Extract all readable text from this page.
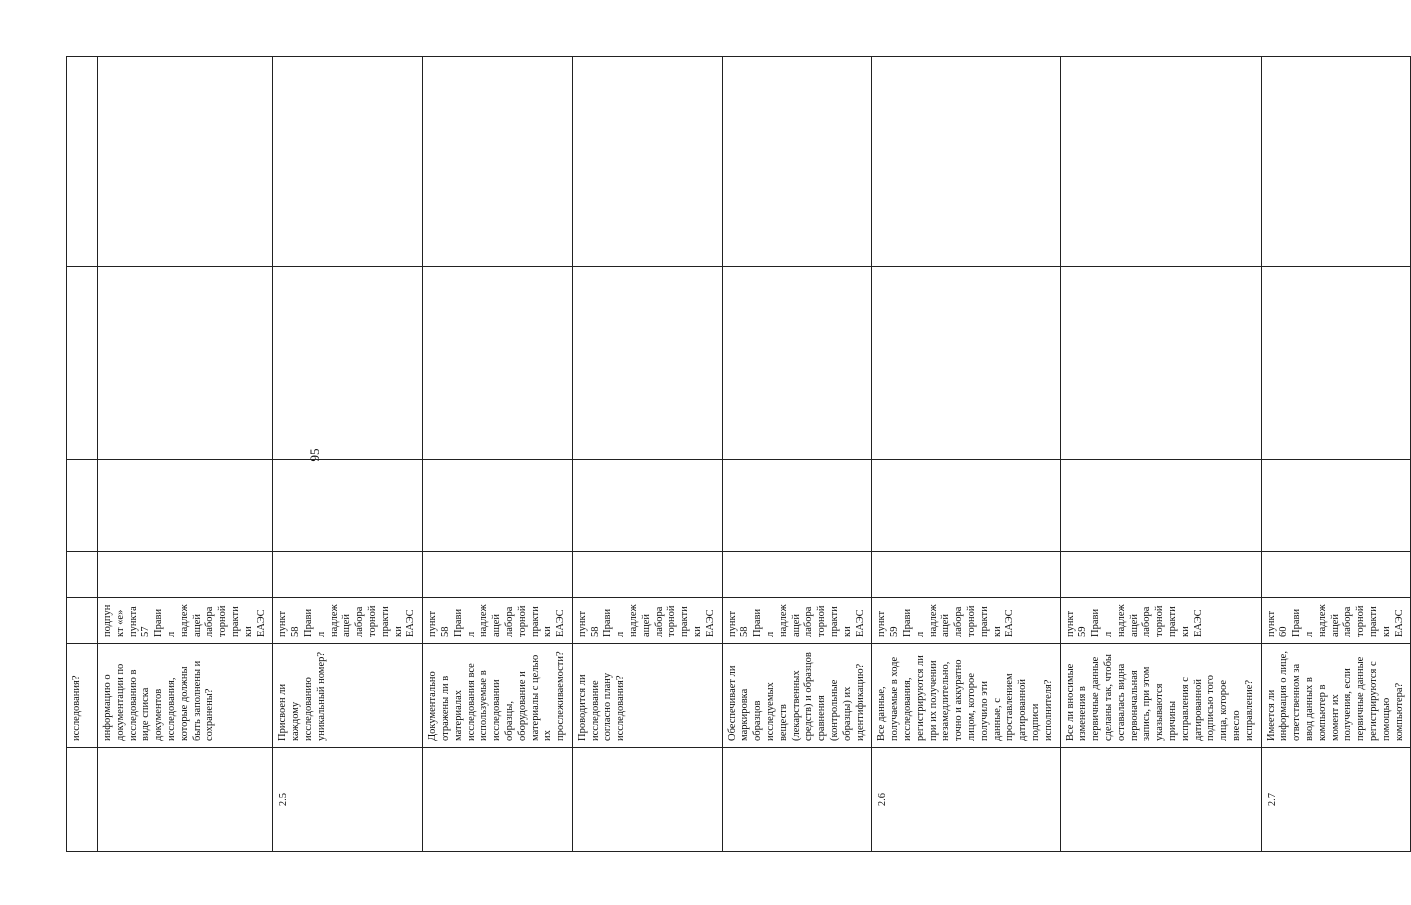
95
	исследования?					
	информацию о документации по исследованию в виде списка документов исследования, которые должны быть заполнены и сохранены?	подпункт «е» пункта 57 Правил надлежащей лабораторной практики ЕАЭС				
2.5	Присвоен ли каждому исследованию уникальный номер?	пункт 58 Правил надлежащей лабораторной практики ЕАЭС				
	Документально отражены ли в материалах исследования все используемые в исследовании образцы, оборудование и материалы с целью их прослеживаемости?	пункт 58 Правил надлежащей лабораторной практики ЕАЭС				
	Проводится ли исследование согласно плану исследования?	пункт 58 Правил надлежащей лабораторной практики ЕАЭС				
	Обеспечивает ли маркировка образцов исследуемых веществ (лекарственных средств) и образцов сравнения (контрольные образцы) их идентификацию?	пункт 58 Правил надлежащей лабораторной практики ЕАЭС				
2.6	Все данные, получаемые в ходе исследования, регистрируются ли при их получении незамедлительно, точно и аккуратно лицом, которое получило эти данные, с проставлением датированной подписи исполнителя?	пункт 59 Правил надлежащей лабораторной практики ЕАЭС				
	Все ли вносимые изменения в первичные данные сделаны так, чтобы оставалась видна первоначальная запись, при этом указываются причины исправления с датированной подписью того лица, которое внесло исправление?	пункт 59 Правил надлежащей лабораторной практики ЕАЭС				
2.7	Имеется ли информация о лице, ответственном за ввод данных в компьютер в момент их получения, если первичные данные регистрируются с помощью компьютера?	пункт 60 Правил надлежащей лабораторной практики ЕАЭС				
